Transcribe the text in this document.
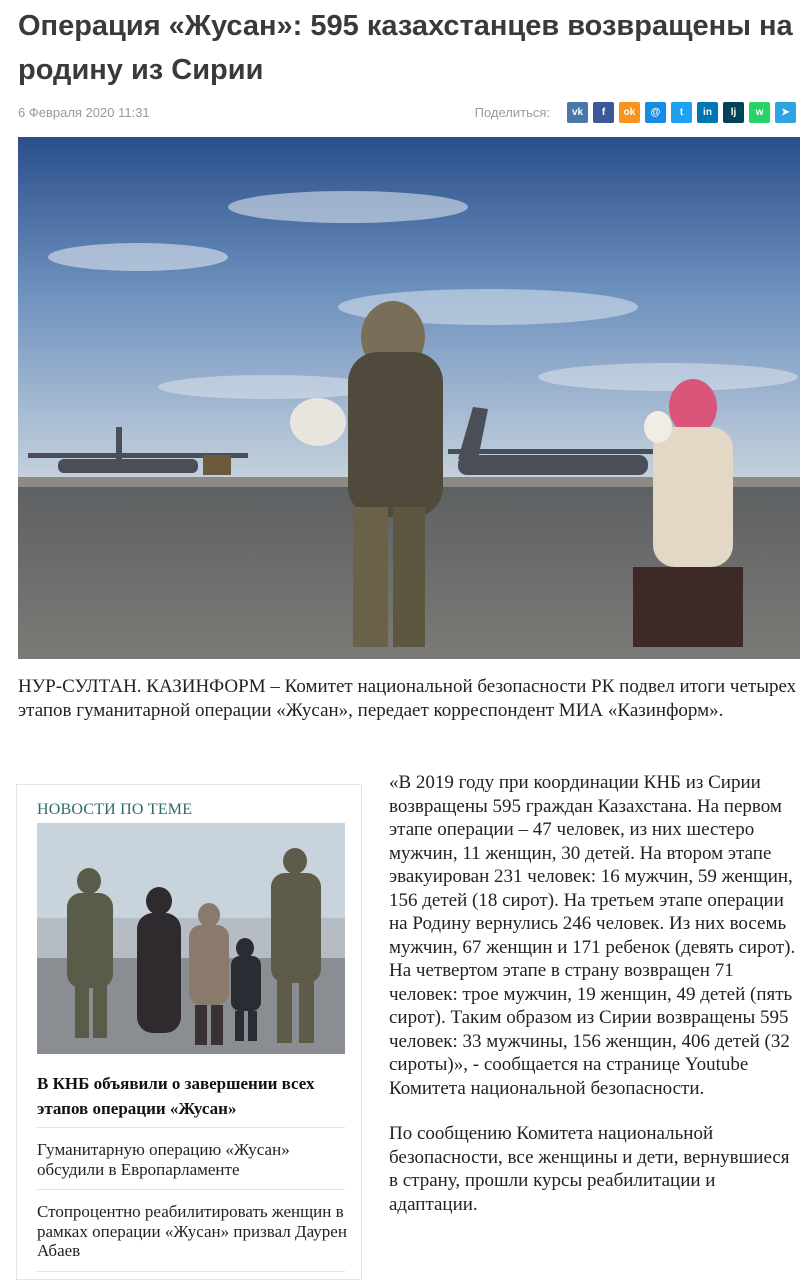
Операция «Жусан»: 595 казахстанцев возвращены на родину из Сирии
6 Февраля 2020 11:31	Поделиться:	vk	f	ok	@	t	in	lj	w	➤

НУР-СУЛТАН. КАЗИНФОРМ – Комитет национальной безопасности РК подвел итоги четырех этапов гуманитарной операции «Жусан», передает корреспондент МИА «Казинформ».

НОВОСТИ ПО ТЕМЕ

В КНБ объявили о завершении всех этапов операции «Жусан»

Гуманитарную операцию «Жусан» обсудили в Европарламенте
Стопроцентно реабилитировать женщин в рамках операции «Жусан» призвал Даурен Абаев

«В 2019 году при координации КНБ из Сирии возвращены 595 граждан Казахстана. На первом этапе операции – 47 человек, из них шестеро мужчин, 11 женщин, 30 детей. На втором этапе эвакуирован 231 человек: 16 мужчин, 59 женщин, 156 детей (18 сирот). На третьем этапе операции на Родину вернулись 246 человек. Из них восемь мужчин, 67 женщин и 171 ребенок (девять сирот). На четвертом этапе в страну возвращен 71 человек: трое мужчин, 19 женщин, 49 детей (пять сирот). Таким образом из Сирии возвращены 595 человек: 33 мужчины, 156 женщин, 406 детей (32 сироты)», - сообщается на странице Youtube Комитета национальной безопасности.

По сообщению Комитета национальной безопасности, все женщины и дети, вернувшиеся в страну, прошли курсы реабилитации и адаптации.
